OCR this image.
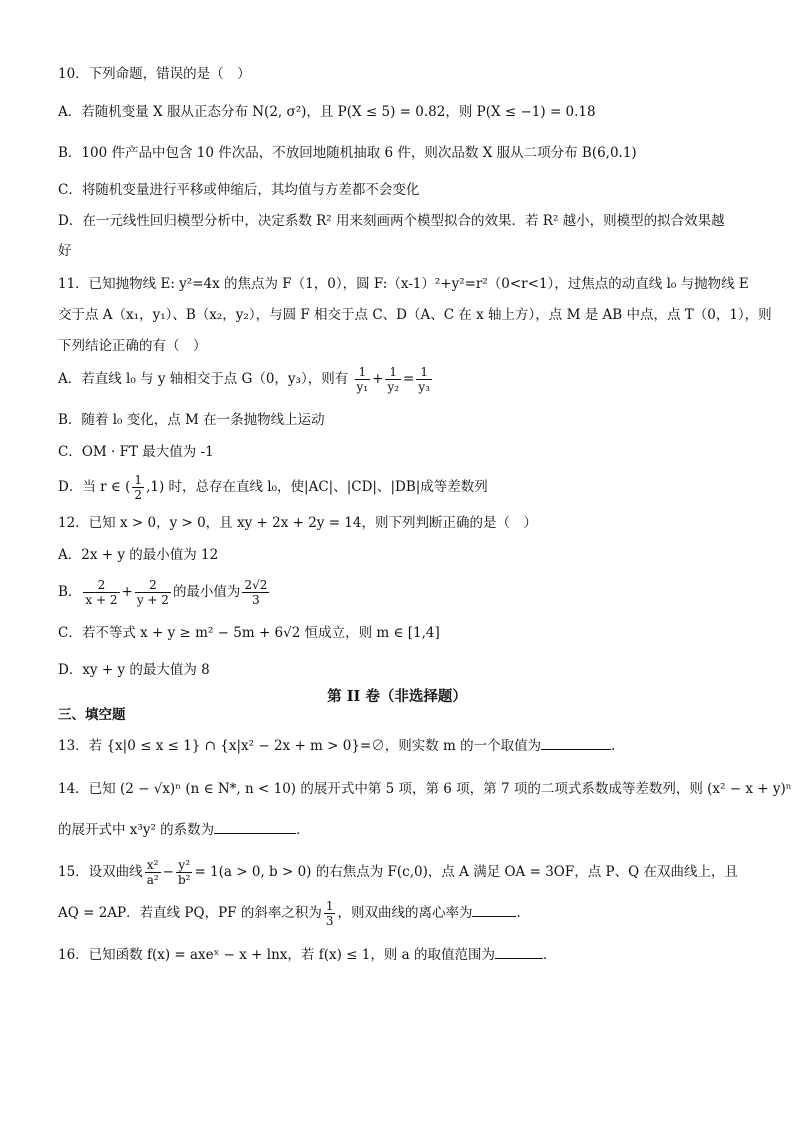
10．下列命题，错误的是（　）
A．若随机变量 X 服从正态分布 N(2, σ²)，且 P(X ≤ 5) = 0.82，则 P(X ≤ −1) = 0.18
B．100 件产品中包含 10 件次品，不放回地随机抽取 6 件，则次品数 X 服从二项分布 B(6,0.1)
C．将随机变量进行平移或伸缩后，其均值与方差都不会变化
D．在一元线性回归模型分析中，决定系数 R² 用来刻画两个模型拟合的效果．若 R² 越小，则模型的拟合效果越
好
11．已知抛物线 E: y²=4x 的焦点为 F（1，0），圆 F:（x-1）²+y²=r²（0<r<1），过焦点的动直线 l₀ 与抛物线 E
交于点 A（x₁，y₁）、B（x₂，y₂），与圆 F 相交于点 C、D（A、C 在 x 轴上方），点 M 是 AB 中点，点 T（0，1），则
下列结论正确的有（　）
A．若直线 l₀ 与 y 轴相交于点 G（0，y₃），则有 $\frac{1}{\text{y₁}} + \frac{1}{\text{y₂}} = \frac{1}{\text{y₃}}$
B．随着 l₀ 变化，点 M 在一条抛物线上运动
C．OM · FT 最大值为 -1
D．当 r ∈ ( $\frac{1}{2} ,1$) 时，总存在直线 l₀，使|AC|、|CD|、|DB|成等差数列
12．已知 x > 0，y > 0，且 xy + 2x + 2y = 14，则下列判断正确的是（　）
A．2x + y 的最小值为 12
B． $\frac{2}{x + 2} + \frac{2}{y + 2}$ 的最小值为 $\frac{2√2}{3}$
C．若不等式 x + y ≥ m² − 5m + 6√2 恒成立，则 m ∈ [1,4]
D．xy + y 的最大值为 8
第 II 卷（非选择题）
三、填空题
13．若 {x|0 ≤ x ≤ 1} ∩ {x|x² − 2x + m > 0}=∅，则实数 m 的一个取值为	.
14．已知 (2 − √x)ⁿ (n ∈ N*, n < 10) 的展开式中第 5 项，第 6 项，第 7 项的二项式系数成等差数列，则 (x² − x + y)ⁿ
的展开式中 x³y² 的系数为	．
15．设双曲线 $\frac{\text{x²}}{\text{a²}} - \frac{\text{y²}}{\text{b²}} = 1(a > 0$, b > 0) 的右焦点为 F(c,0)，点 A 满足 OA = 3OF，点 P、Q 在双曲线上，且
AQ = 2AP．若直线 PQ，PF 的斜率之积为 $\frac{1}{3}$ ，则双曲线的离心率为	．
16．已知函数 f(x) = axeˣ − x + lnx，若 f(x) ≤ 1，则 a 的取值范围为	．
